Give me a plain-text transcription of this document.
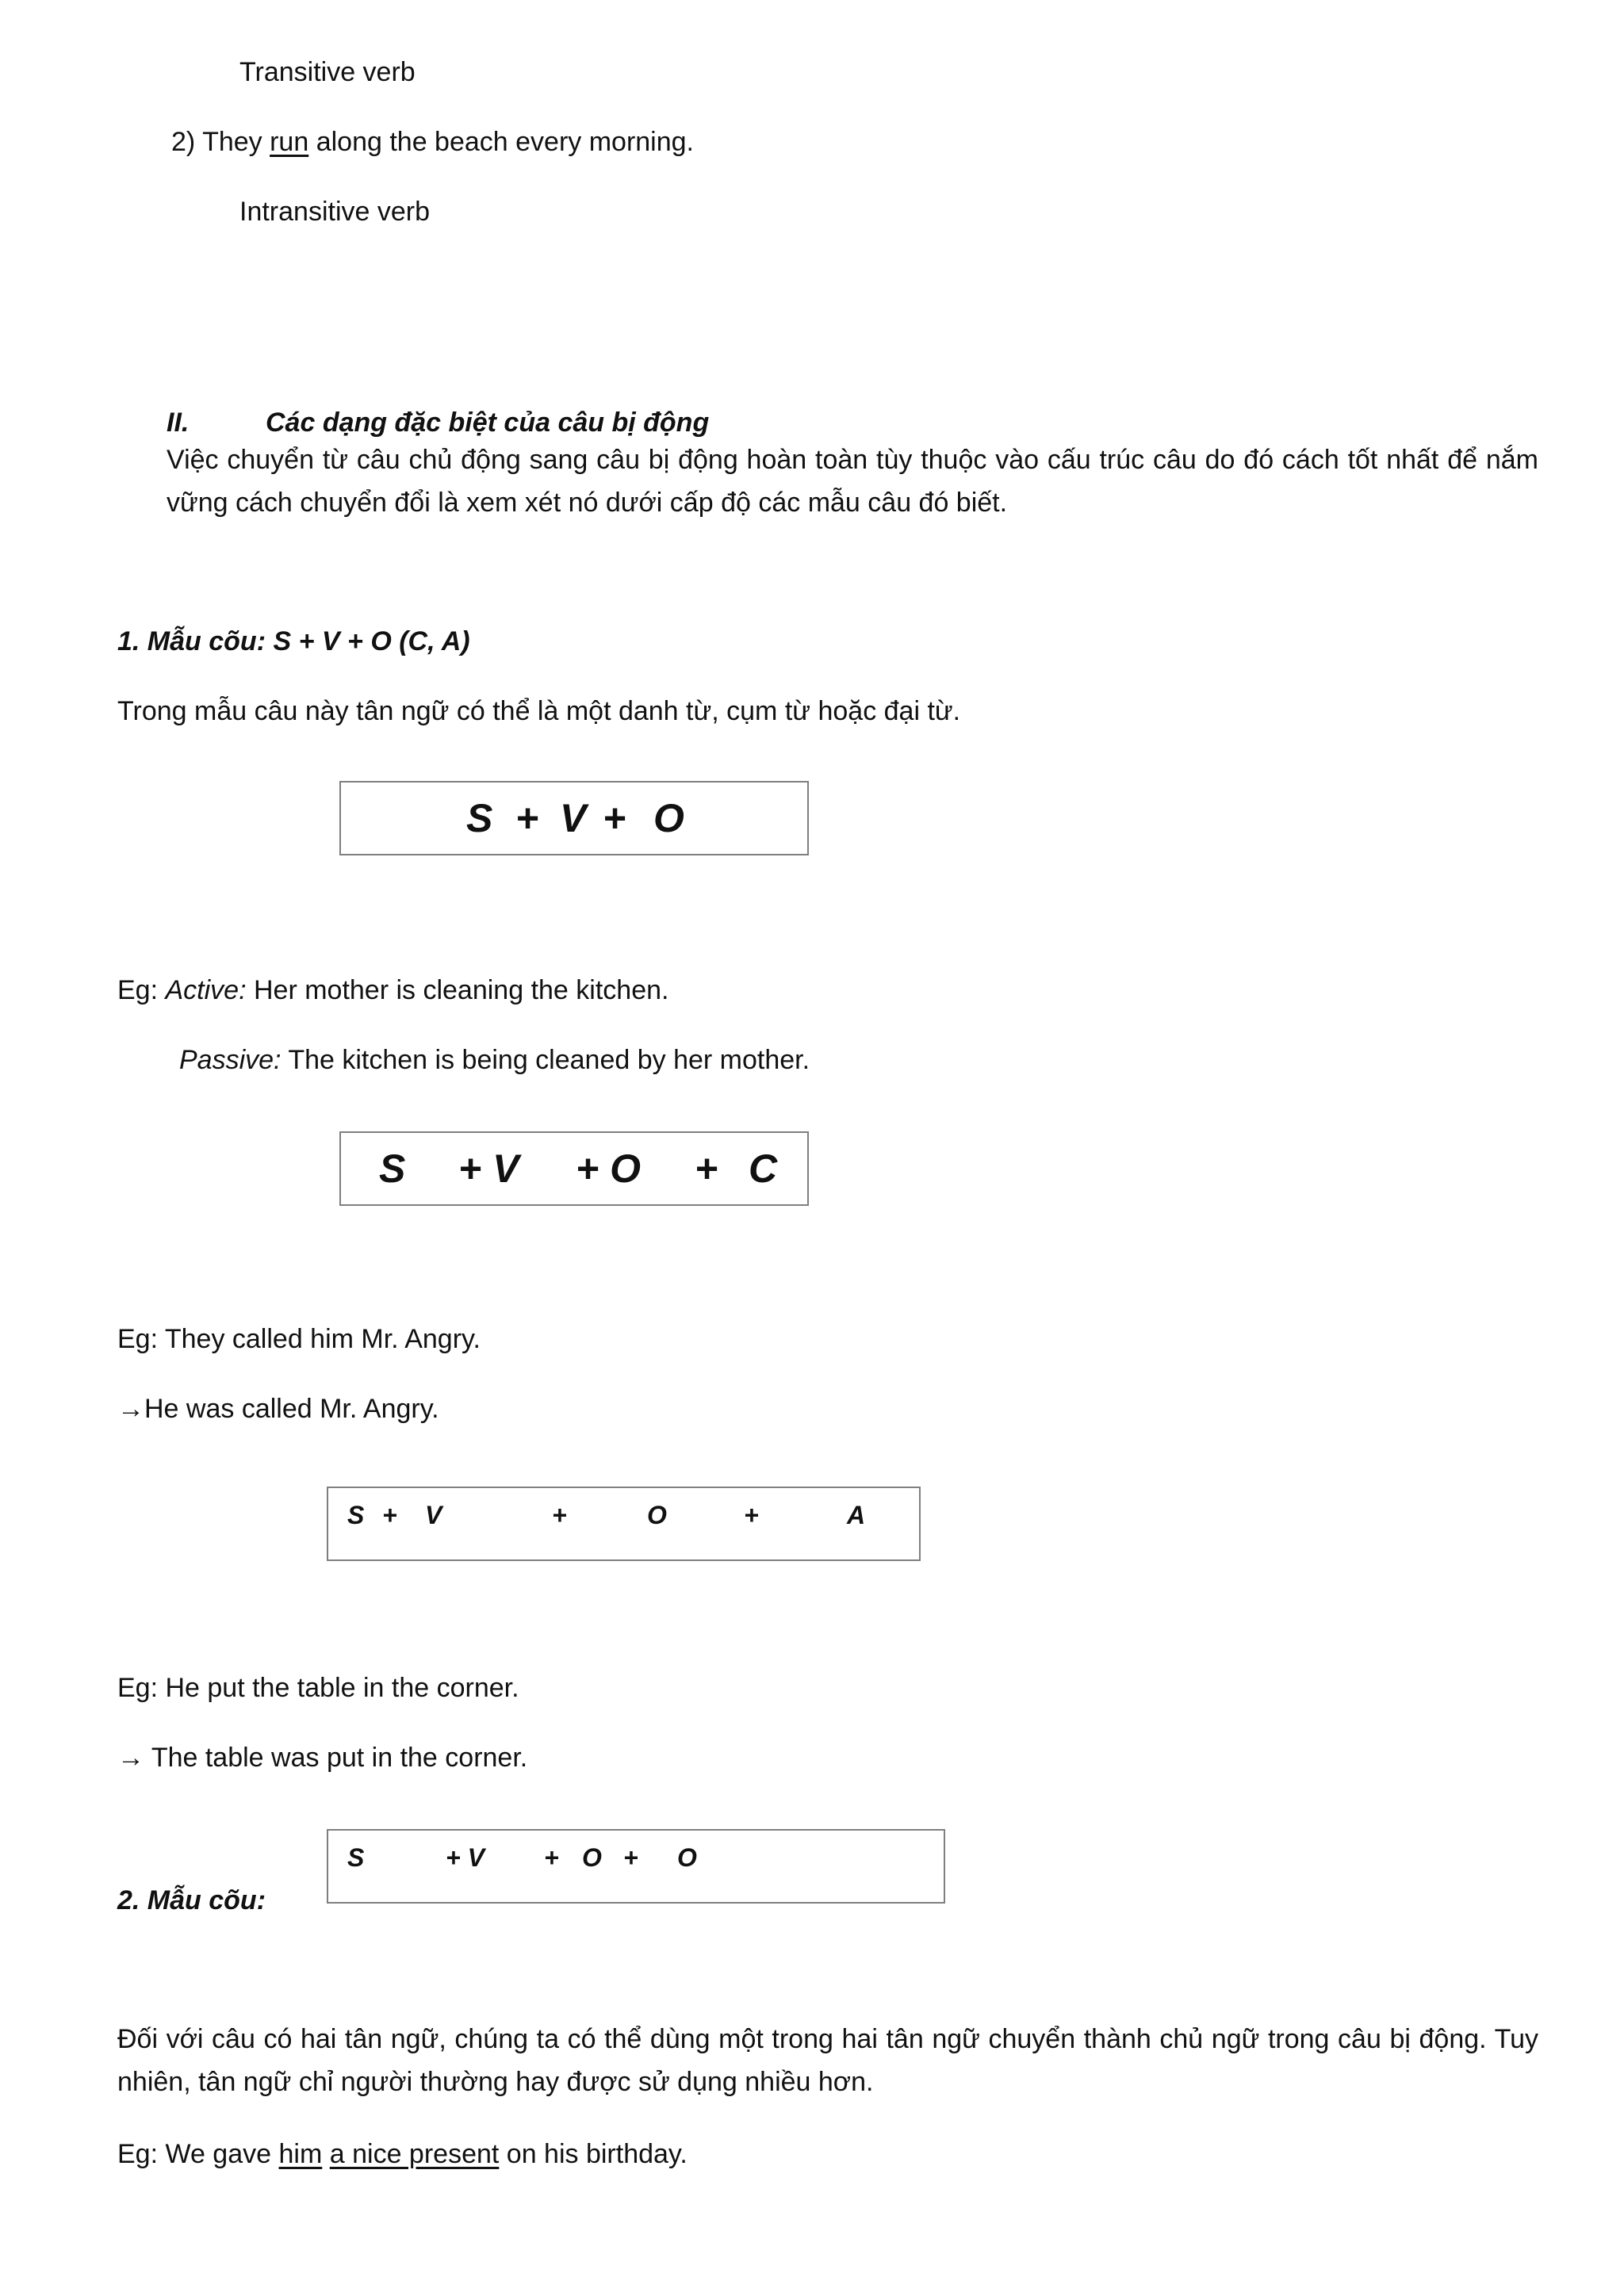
Transitive verb
2) They run along the beach every morning.
Intransitive verb
II.	Các dạng đặc biệt của câu bị động
Việc chuyển từ câu chủ động sang câu bị động hoàn toàn tùy thuộc vào cấu trúc câu do đó cách tốt nhất để nắm vững cách chuyển đổi là xem xét nó dưới cấp độ các mẫu câu đó biết.
1. Mẫu cõu: S + V + O (C, A)
Trong mẫu câu này tân ngữ có thể là một danh từ, cụm từ hoặc đại từ.
S + V + O
Eg: Active: Her mother is cleaning the kitchen.
Passive: The kitchen is being cleaned by her mother.
S + V + O + C
Eg: They called him Mr. Angry.
→He was called Mr. Angry.
S + V	+	O	+	A
Eg: He put the table in the corner.
→ The table was put in the corner.
S	+ V + O + O
2. Mẫu cõu:
Đối với câu có hai tân ngữ, chúng ta có thể dùng một trong hai tân ngữ chuyển thành chủ ngữ trong câu bị động. Tuy nhiên, tân ngữ chỉ người thường hay được sử dụng nhiều hơn.
Eg: We gave him a nice present on his birthday.
